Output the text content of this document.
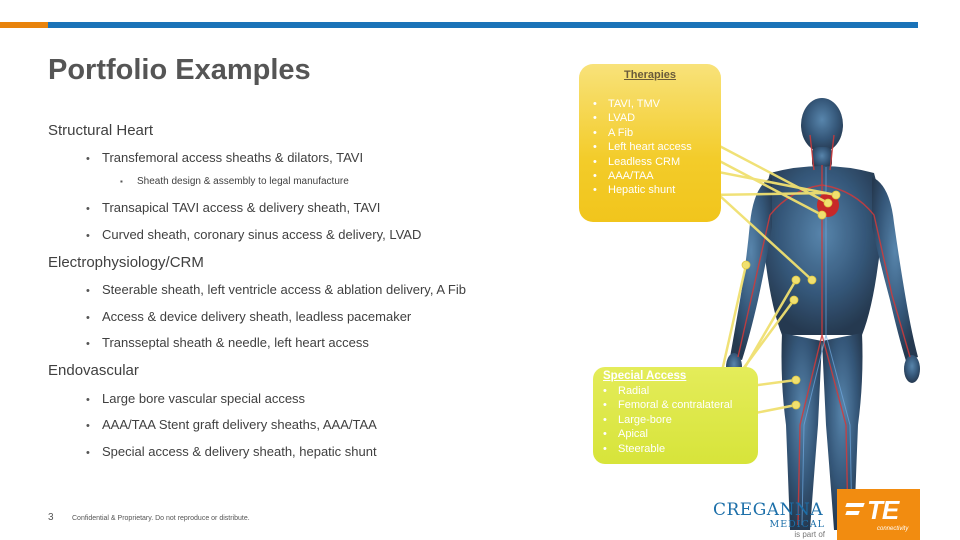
Portfolio Examples
Structural Heart
• Transfemoral access sheaths & dilators, TAVI
▪ Sheath design & assembly to legal manufacture
• Transapical TAVI access & delivery sheath, TAVI
• Curved sheath, coronary sinus access & delivery, LVAD
Electrophysiology/CRM
• Steerable sheath, left ventricle access & ablation delivery, A Fib
• Access & device delivery sheath, leadless pacemaker
• Transseptal sheath & needle, left heart access
Endovascular
• Large bore vascular special access
• AAA/TAA Stent graft delivery sheaths, AAA/TAA
• Special access & delivery sheath, hepatic shunt
Therapies
• TAVI, TMV
• LVAD
• A Fib
• Left heart access
• Leadless CRM
• AAA/TAA
• Hepatic shunt
Special Access
• Radial
• Femoral & contralateral
• Large-bore
• Apical
• Steerable
3	Confidential & Proprietary. Do not reproduce or distribute.	CREGANNA
MEDICAL
is part of
TE
connectivity
